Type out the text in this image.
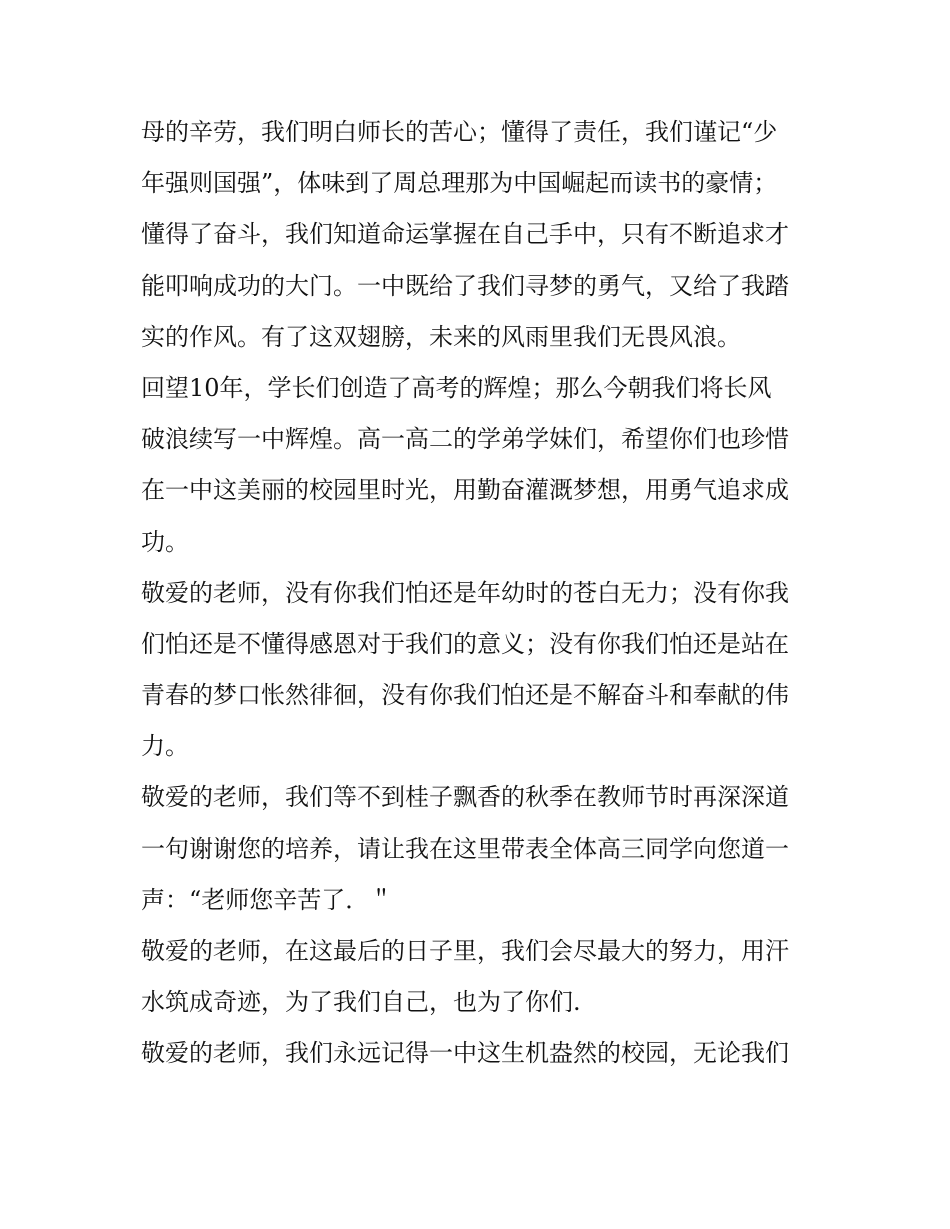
母的辛劳，我们明白师长的苦心；懂得了责任，我们谨记“少
年强则国强”，体味到了周总理那为中国崛起而读书的豪情；
懂得了奋斗，我们知道命运掌握在自己手中，只有不断追求才
能叩响成功的大门。一中既给了我们寻梦的勇气，又给了我踏
实的作风。有了这双翅膀，未来的风雨里我们无畏风浪。
回望10年，学长们创造了高考的辉煌；那么今朝我们将长风
破浪续写一中辉煌。高一高二的学弟学妹们，希望你们也珍惜
在一中这美丽的校园里时光，用勤奋灌溉梦想，用勇气追求成
功。
敬爱的老师，没有你我们怕还是年幼时的苍白无力；没有你我
们怕还是不懂得感恩对于我们的意义；没有你我们怕还是站在
青春的梦口怅然徘徊，没有你我们怕还是不解奋斗和奉献的伟
力。
敬爱的老师，我们等不到桂子飘香的秋季在教师节时再深深道
一句谢谢您的培养，请让我在这里带表全体高三同学向您道一
声：“老师您辛苦了．＂
敬爱的老师，在这最后的日子里，我们会尽最大的努力，用汗
水筑成奇迹，为了我们自己，也为了你们.
敬爱的老师，我们永远记得一中这生机盎然的校园，无论我们
